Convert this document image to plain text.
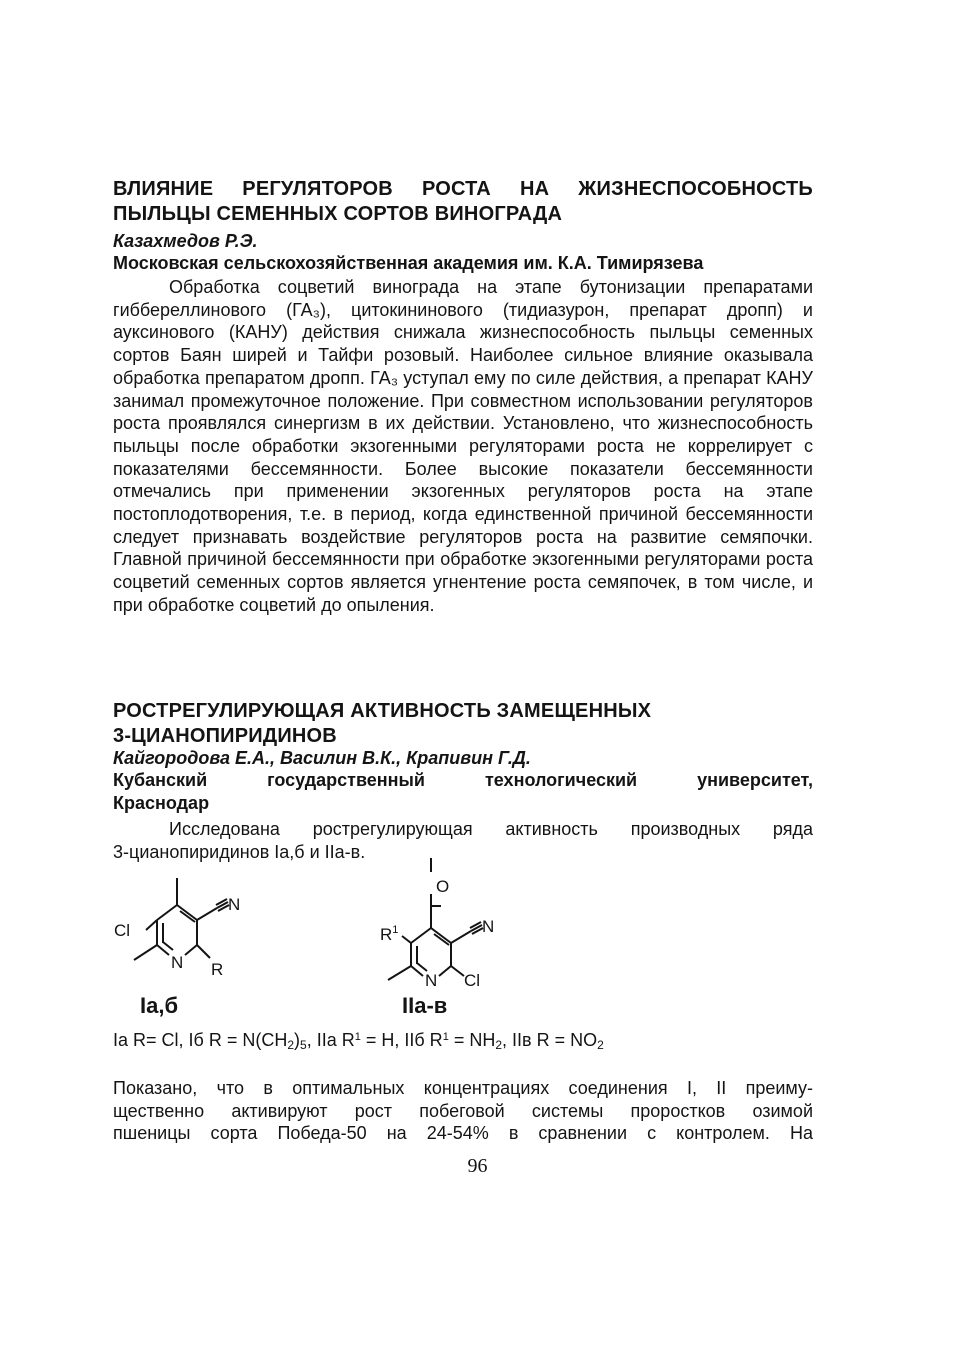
ВЛИЯНИЕ РЕГУЛЯТОРОВ РОСТА НА ЖИЗНЕСПОСОБНОСТЬ
ПЫЛЬЦЫ СЕМЕННЫХ СОРТОВ ВИНОГРАДА
Казахмедов Р.Э.
Московская сельскохозяйственная академия им. К.А. Тимирязева
Обработка соцветий винограда на этапе бутонизации препаратами гиббереллинового (ГА₃), цитокининового (тидиазурон, препарат дропп) и ауксинового (КАНУ) действия снижала жизнеспособность пыльцы семенных сортов Баян ширей и Тайфи розовый. Наиболее сильное влияние оказывала обработка препаратом дропп. ГА₃ уступал ему по силе действия, а препарат КАНУ занимал промежуточное положение. При совместном использовании регуляторов роста проявлялся синергизм в их действии. Установлено, что жизнеспособность пыльцы после обработки экзогенными регуляторами роста не коррелирует с показателями бессемянности. Более высокие показатели бессемянности отмечались при применении экзогенных регуляторов роста на этапе постоплодотворения, т.е. в период, когда единственной причиной бессемянности следует признавать воздействие регуляторов роста на развитие семяпочки. Главной причиной бессемянности при обработке экзогенными регуляторами роста соцветий семенных сортов является угнентение роста семяпочек, в том числе, и при обработке соцветий до опыления.
РОСТРЕГУЛИРУЮЩАЯ АКТИВНОСТЬ ЗАМЕЩЕННЫХ
3-ЦИАНОПИРИДИНОВ
Кайгородова Е.А., Василин В.К., Крапивин Г.Д.
Кубанский государственный технологический университет,
Краснодар
Исследована рострегулирующая активность производных ряда
3-цианопиридинов Iа,б и IIа-в.
Cl
N R
N
Iа,б
O
$R^1$
N Cl
N
IIа-в
Iа R= Cl, Iб $R = N(CH_2)_5$, IIа $R^1 = H$, IIб $R^1 = NH_2$, IIв $R = NO_2$
Показано, что в оптимальных концентрациях соединения I, II преиму-
щественно активируют рост побеговой системы проростков озимой
пшеницы сорта Победа-50 на 24-54% в сравнении с контролем. На
96
